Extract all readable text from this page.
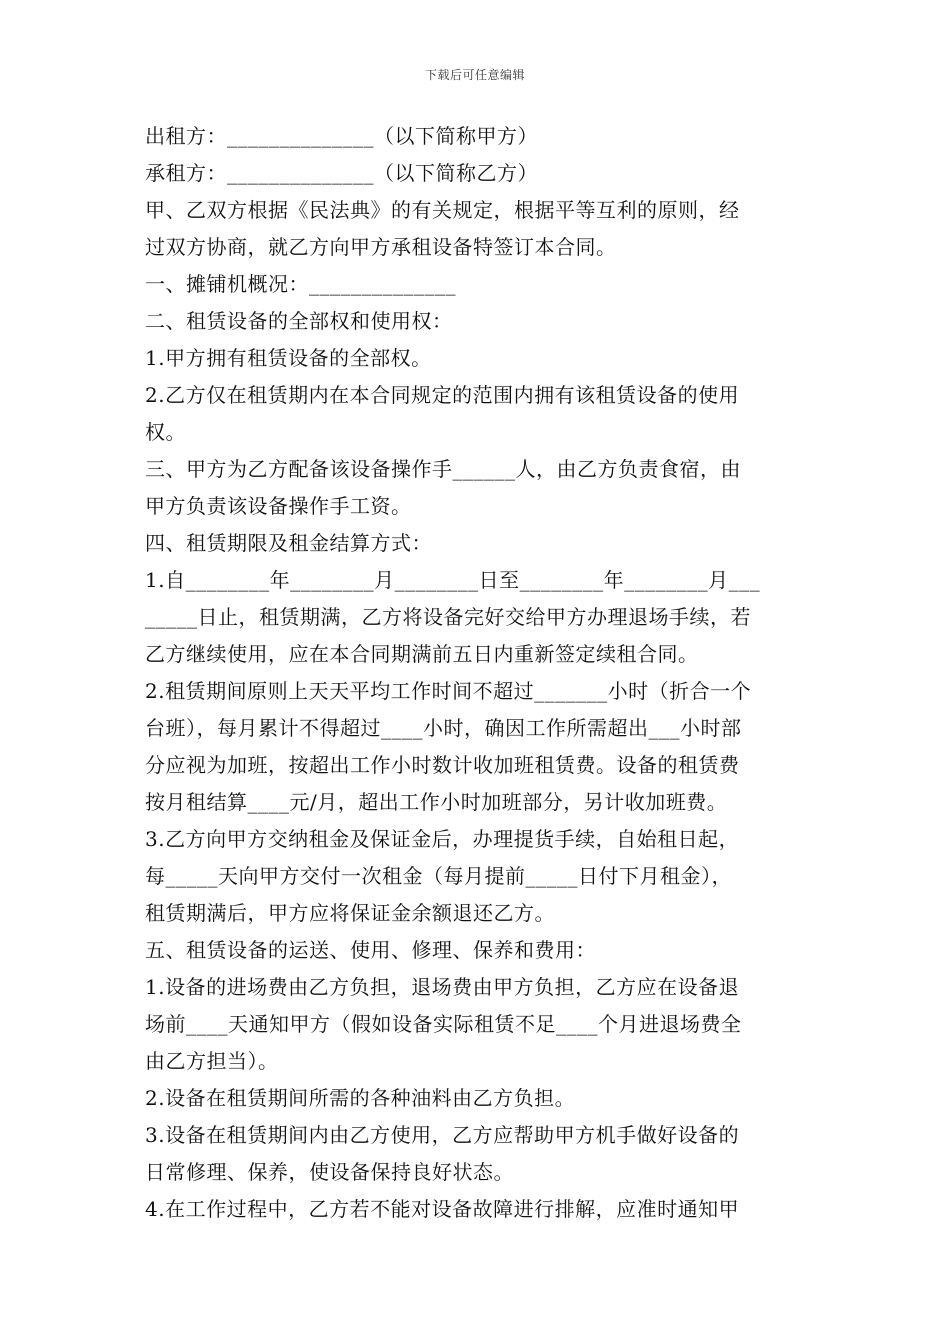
下载后可任意编辑
出租方：______________（以下简称甲方）
承租方：______________（以下简称乙方）
甲、乙双方根据《民法典》的有关规定，根据平等互利的原则，经
过双方协商，就乙方向甲方承租设备特签订本合同。
一、摊铺机概况：______________
二、租赁设备的全部权和使用权：
1.甲方拥有租赁设备的全部权。
2.乙方仅在租赁期内在本合同规定的范围内拥有该租赁设备的使用
权。
三、甲方为乙方配备该设备操作手______人，由乙方负责食宿，由
甲方负责该设备操作手工资。
四、租赁期限及租金结算方式：
1.自________年________月________日至________年________月___
_____日止，租赁期满，乙方将设备完好交给甲方办理退场手续，若
乙方继续使用，应在本合同期满前五日内重新签定续租合同。
2.租赁期间原则上天天平均工作时间不超过_______小时（折合一个
台班），每月累计不得超过____小时，确因工作所需超出___小时部
分应视为加班，按超出工作小时数计收加班租赁费。设备的租赁费
按月租结算____元/月，超出工作小时加班部分，另计收加班费。
3.乙方向甲方交纳租金及保证金后，办理提货手续，自始租日起，
每_____天向甲方交付一次租金（每月提前_____日付下月租金），
租赁期满后，甲方应将保证金余额退还乙方。
五、租赁设备的运送、使用、修理、保养和费用：
1.设备的进场费由乙方负担，退场费由甲方负担，乙方应在设备退
场前____天通知甲方（假如设备实际租赁不足____个月进退场费全
由乙方担当）。
2.设备在租赁期间所需的各种油料由乙方负担。
3.设备在租赁期间内由乙方使用，乙方应帮助甲方机手做好设备的
日常修理、保养，使设备保持良好状态。
4.在工作过程中，乙方若不能对设备故障进行排解，应准时通知甲
